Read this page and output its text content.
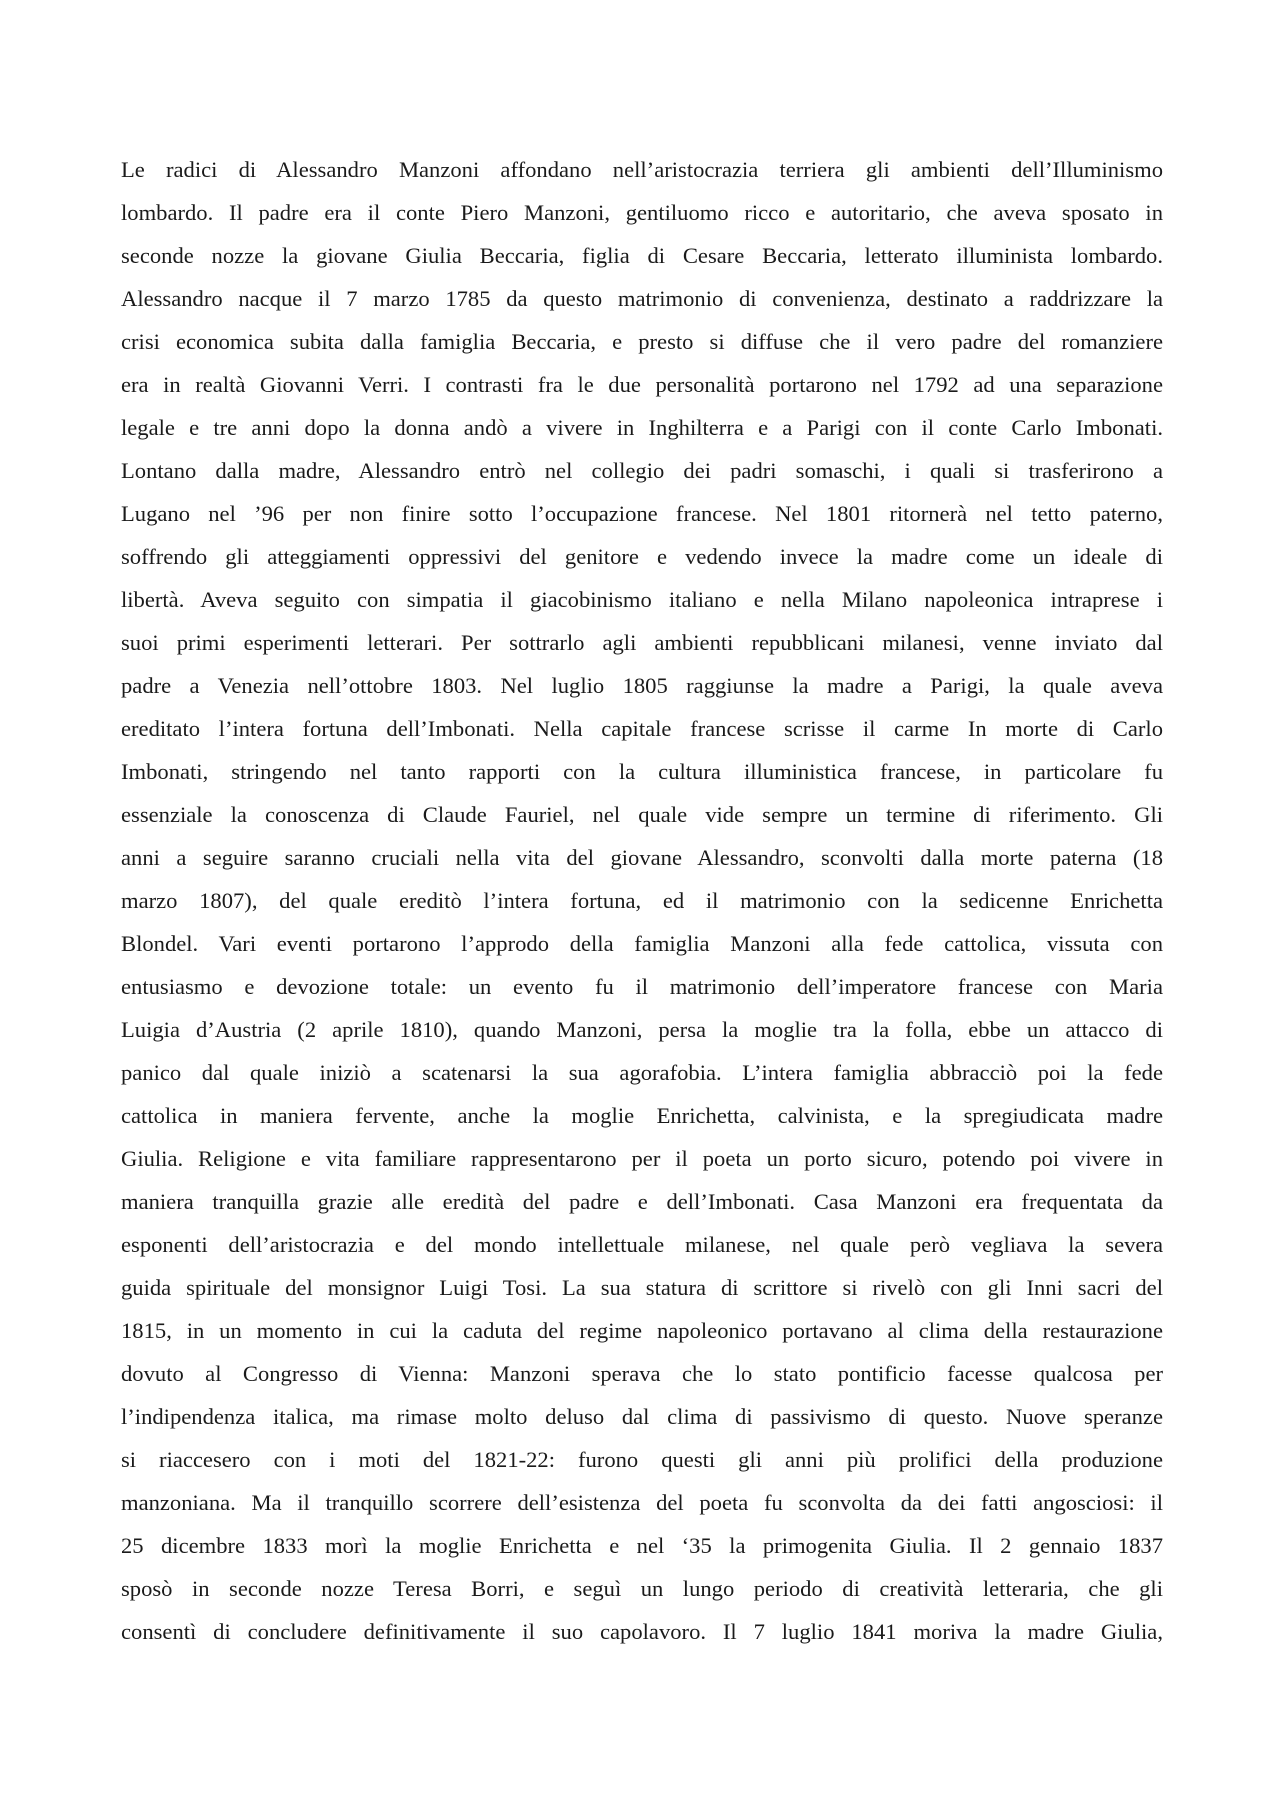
Le radici di Alessandro Manzoni affondano nell’aristocrazia terriera gli ambienti dell’Illuminismo
lombardo. Il padre era il conte Piero Manzoni, gentiluomo ricco e autoritario, che aveva sposato in
seconde nozze la giovane Giulia Beccaria, figlia di Cesare Beccaria, letterato illuminista lombardo.
Alessandro nacque il 7 marzo 1785 da questo matrimonio di convenienza, destinato a raddrizzare la
crisi economica subita dalla famiglia Beccaria, e presto si diffuse che il vero padre del romanziere
era in realtà Giovanni Verri. I contrasti fra le due personalità portarono nel 1792 ad una separazione
legale e tre anni dopo la donna andò a vivere in Inghilterra e a Parigi con il conte Carlo Imbonati.
Lontano dalla madre, Alessandro entrò nel collegio dei padri somaschi, i quali si trasferirono a
Lugano nel ’96 per non finire sotto l’occupazione francese. Nel 1801 ritornerà nel tetto paterno,
soffrendo gli atteggiamenti oppressivi del genitore e vedendo invece la madre come un ideale di
libertà. Aveva seguito con simpatia il giacobinismo italiano e nella Milano napoleonica intraprese i
suoi primi esperimenti letterari. Per sottrarlo agli ambienti repubblicani milanesi, venne inviato dal
padre a Venezia nell’ottobre 1803. Nel luglio 1805 raggiunse la madre a Parigi, la quale aveva
ereditato l’intera fortuna dell’Imbonati. Nella capitale francese scrisse il carme In morte di Carlo
Imbonati, stringendo nel tanto rapporti con la cultura illuministica francese, in particolare fu
essenziale la conoscenza di Claude Fauriel, nel quale vide sempre un termine di riferimento. Gli
anni a seguire saranno cruciali nella vita del giovane Alessandro, sconvolti dalla morte paterna (18
marzo 1807), del quale ereditò l’intera fortuna, ed il matrimonio con la sedicenne Enrichetta
Blondel. Vari eventi portarono l’approdo della famiglia Manzoni alla fede cattolica, vissuta con
entusiasmo e devozione totale: un evento fu il matrimonio dell’imperatore francese con Maria
Luigia d’Austria (2 aprile 1810), quando Manzoni, persa la moglie tra la folla, ebbe un attacco di
panico dal quale iniziò a scatenarsi la sua agorafobia. L’intera famiglia abbracciò poi la fede
cattolica in maniera fervente, anche la moglie Enrichetta, calvinista, e la spregiudicata madre
Giulia. Religione e vita familiare rappresentarono per il poeta un porto sicuro, potendo poi vivere in
maniera tranquilla grazie alle eredità del padre e dell’Imbonati. Casa Manzoni era frequentata da
esponenti dell’aristocrazia e del mondo intellettuale milanese, nel quale però vegliava la severa
guida spirituale del monsignor Luigi Tosi. La sua statura di scrittore si rivelò con gli Inni sacri del
1815, in un momento in cui la caduta del regime napoleonico portavano al clima della restaurazione
dovuto al Congresso di Vienna: Manzoni sperava che lo stato pontificio facesse qualcosa per
l’indipendenza italica, ma rimase molto deluso dal clima di passivismo di questo. Nuove speranze
si riaccesero con i moti del 1821-22: furono questi gli anni più prolifici della produzione
manzoniana. Ma il tranquillo scorrere dell’esistenza del poeta fu sconvolta da dei fatti angosciosi: il
25 dicembre 1833 morì la moglie Enrichetta e nel ‘35 la primogenita Giulia. Il 2 gennaio 1837
sposò in seconde nozze Teresa Borri, e seguì un lungo periodo di creatività letteraria, che gli
consentì di concludere definitivamente il suo capolavoro. Il 7 luglio 1841 moriva la madre Giulia,
